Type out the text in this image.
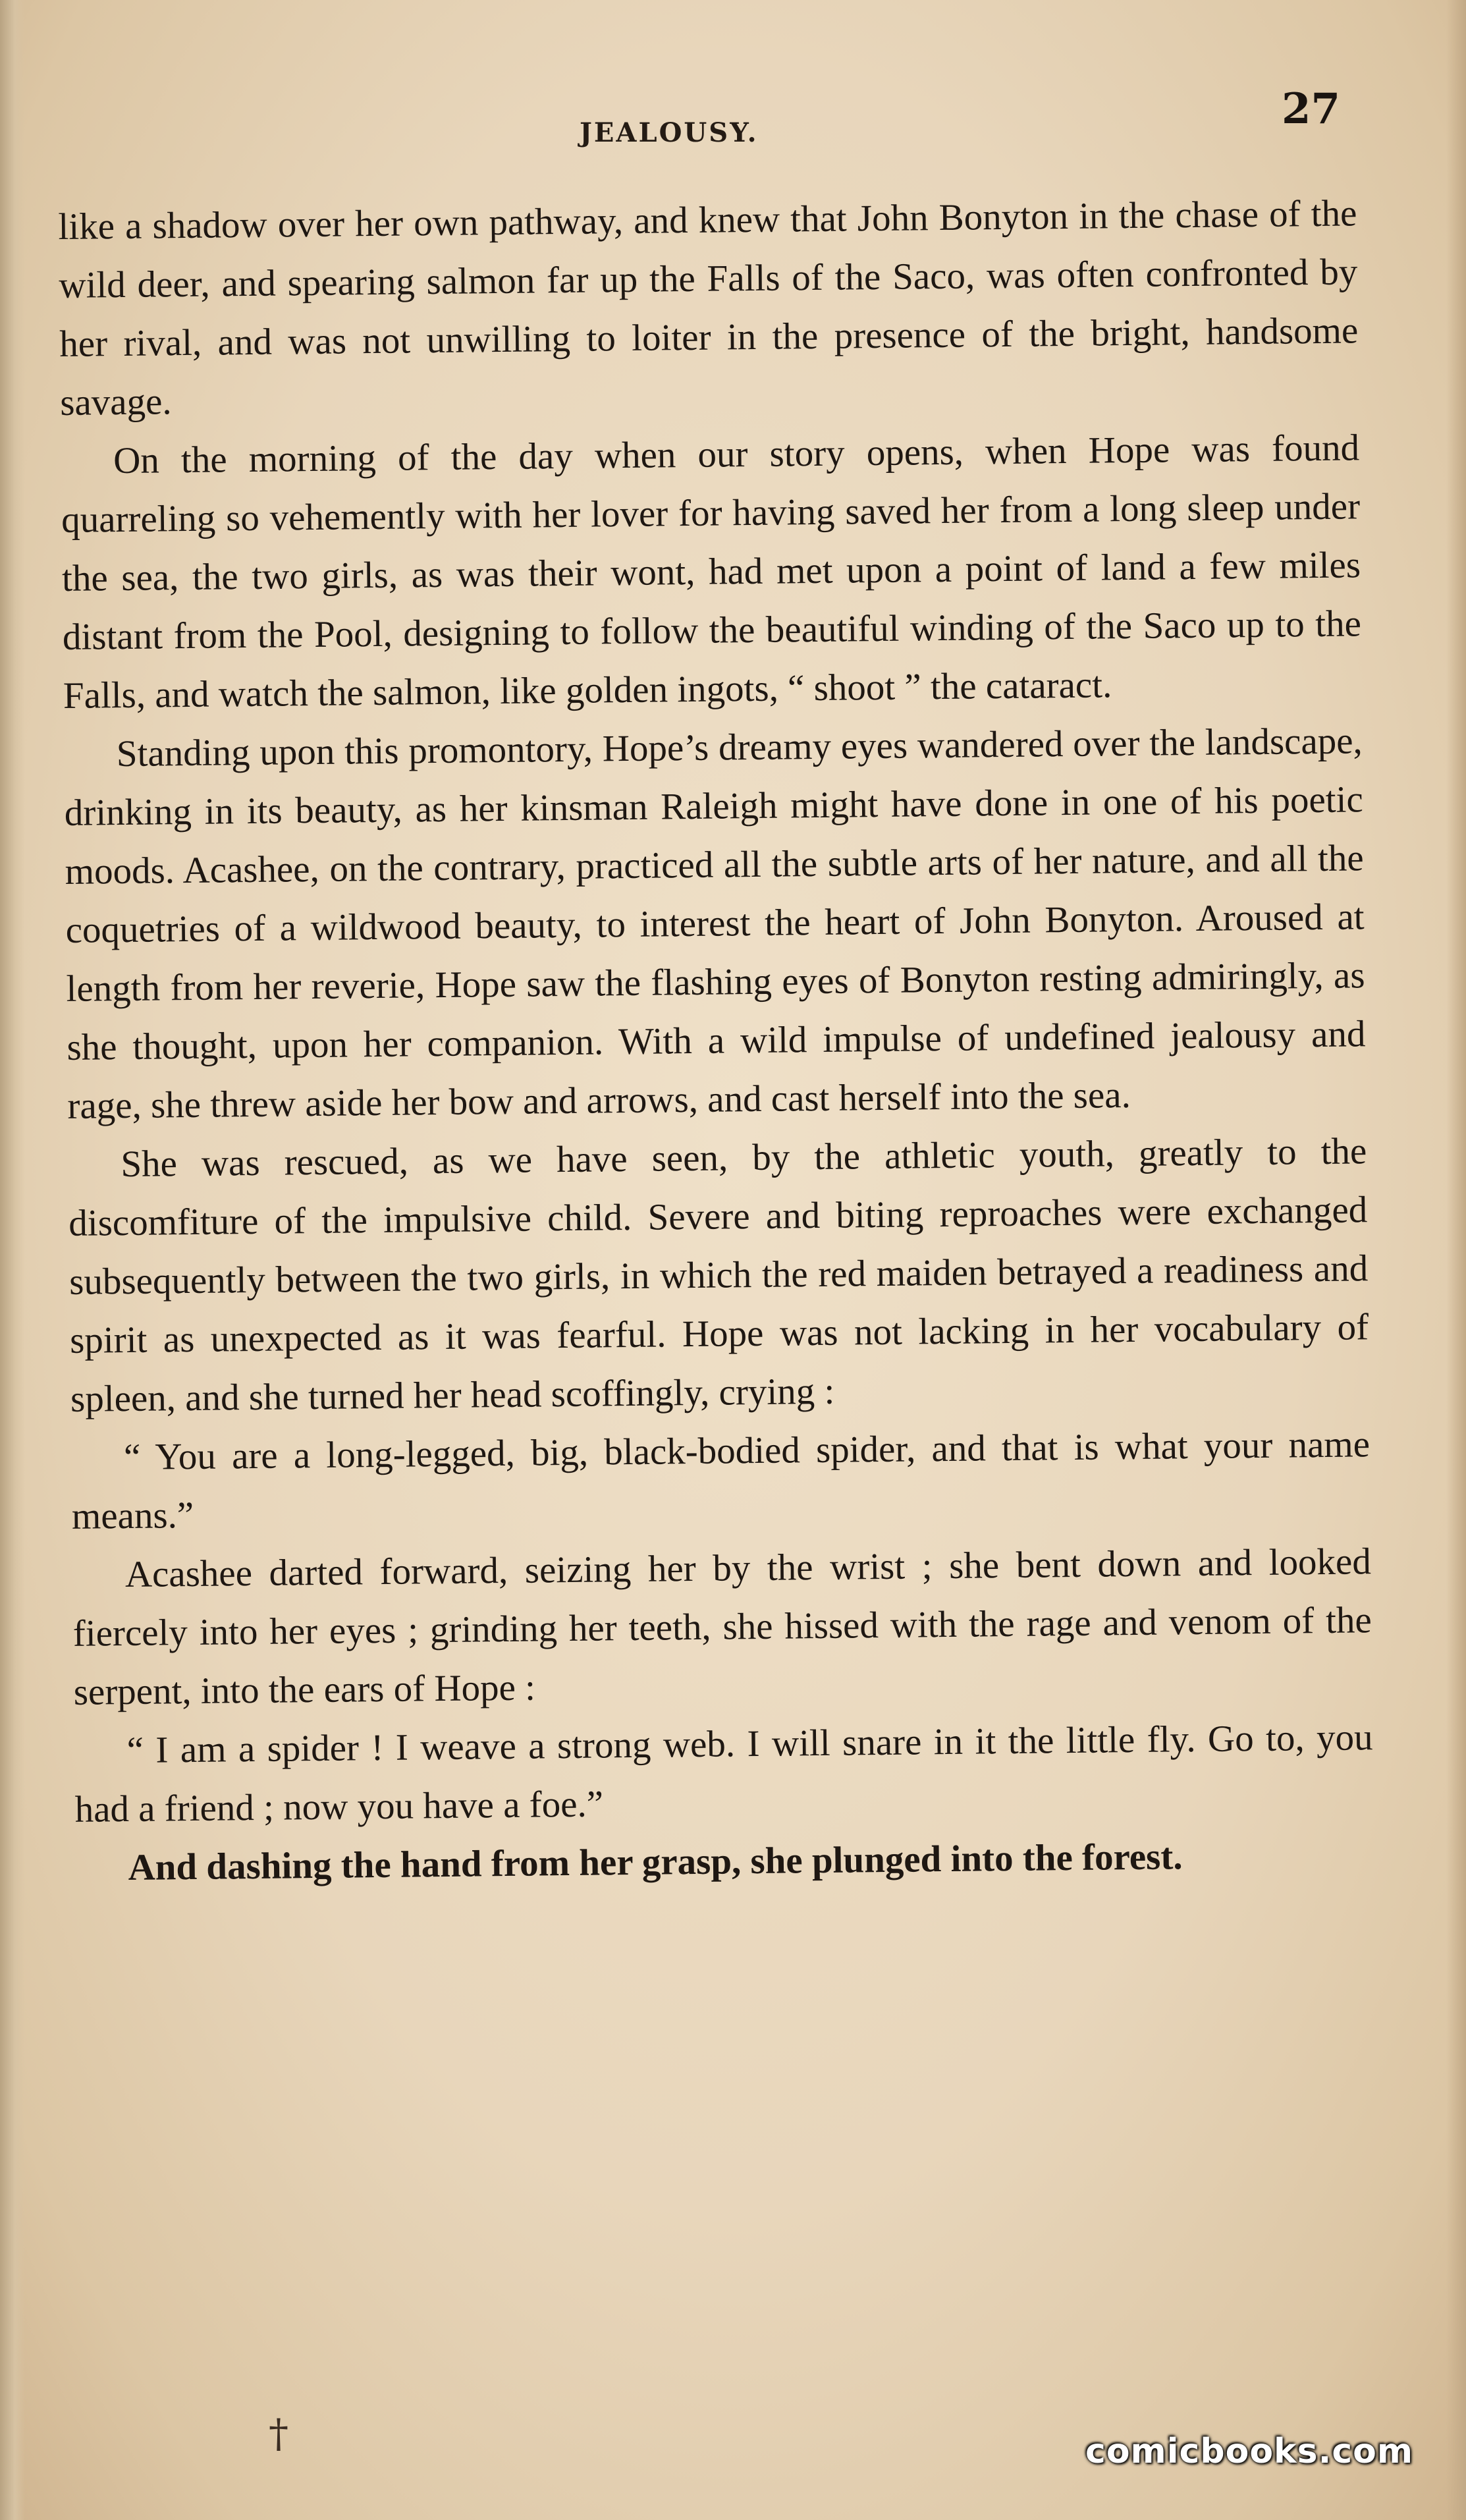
JEALOUSY.	27

like a shadow over her own pathway, and knew that John Bonyton in the chase of the wild deer, and spearing salmon far up the Falls of the Saco, was often confronted by her rival, and was not unwilling to loiter in the presence of the bright, handsome savage.

On the morning of the day when our story opens, when Hope was found quarreling so vehemently with her lover for having saved her from a long sleep under the sea, the two girls, as was their wont, had met upon a point of land a few miles distant from the Pool, designing to follow the beautiful winding of the Saco up to the Falls, and watch the salmon, like golden ingots, “ shoot ” the cataract.

Standing upon this promontory, Hope’s dreamy eyes wandered over the landscape, drinking in its beauty, as her kinsman Raleigh might have done in one of his poetic moods. Acashee, on the contrary, practiced all the subtle arts of her nature, and all the coquetries of a wildwood beauty, to interest the heart of John Bonyton. Aroused at length from her reverie, Hope saw the flashing eyes of Bonyton resting admiringly, as she thought, upon her companion. With a wild impulse of undefined jealousy and rage, she threw aside her bow and arrows, and cast herself into the sea.

She was rescued, as we have seen, by the athletic youth, greatly to the discomfiture of the impulsive child. Severe and biting reproaches were exchanged subsequently between the two girls, in which the red maiden betrayed a readiness and spirit as unexpected as it was fearful. Hope was not lacking in her vocabulary of spleen, and she turned her head scoffingly, crying :

“ You are a long-legged, big, black-bodied spider, and that is what your name means.”

Acashee darted forward, seizing her by the wrist ; she bent down and looked fiercely into her eyes ; grinding her teeth, she hissed with the rage and venom of the serpent, into the ears of Hope :

“ I am a spider ! I weave a strong web. I will snare in it the little fly. Go to, you had a friend ; now you have a foe.”

And dashing the hand from her grasp, she plunged into the forest.

†	comicbooks.com
